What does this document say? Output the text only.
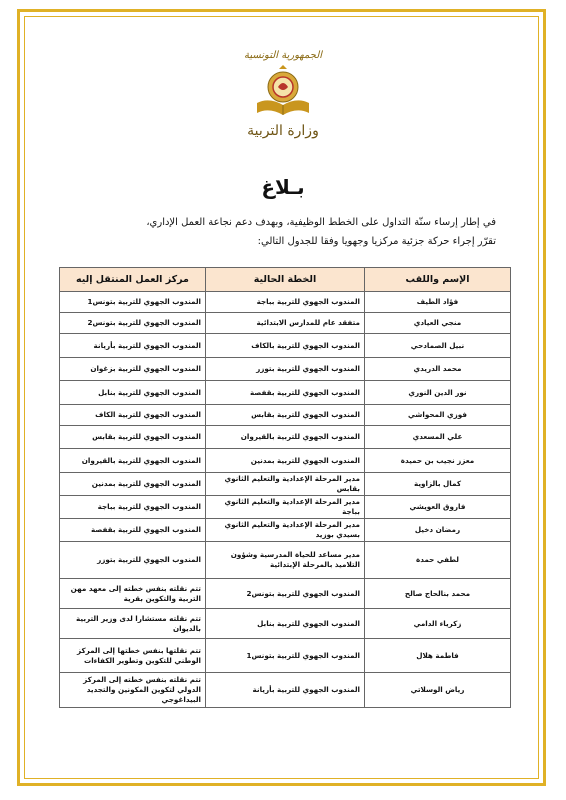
الجمهورية التونسية
وزارة التربية
بـلاغ
في إطار إرساء سنّة التداول على الخطط الوظيفية، وبهدف دعم نجاعة العمل الإداري،
تقرّر إجراء حركة جزئية مركزيا وجهويا وفقا للجدول التالي:
الإسم واللقب	الخطة الحالية	مركز العمل المنتقل إليه
فؤاد الطيف	المندوب الجهوي للتربية بباجة	المندوب الجهوي للتربية بتونس1
منجي العيادي	متفقد عام للمدارس الابتدائية	المندوب الجهوي للتربية بتونس2
نبيل الصمادحي	المندوب الجهوي للتربية بالكاف	المندوب الجهوي للتربية بأريانة
محمد الدريدي	المندوب الجهوي للتربية بتوزر	المندوب الجهوي للتربية بزغوان
نور الدين النوري	المندوب الجهوي للتربية بقفصة	المندوب الجهوي للتربية بنابل
فوزي المحواشي	المندوب الجهوي للتربية بقابس	المندوب الجهوي للتربية الكاف
علي المسعدي	المندوب الجهوي للتربية بالقيروان	المندوب الجهوي للتربية بقابس
معزز نجيب بن حميدة	المندوب الجهوي للتربية بمدنين	المندوب الجهوي للتربية بالقيروان
كمال بالزاوية	مدير المرحلة الإعدادية والتعليم الثانوي بقابس	المندوب الجهوي للتربية بمدنين
فاروق العويشي	مدير المرحلة الإعدادية والتعليم الثانوي بباجة	المندوب الجهوي للتربية بباجة
رمضان دخيل	مدير المرحلة الإعدادية والتعليم الثانوي بسيدي بوزيد	المندوب الجهوي للتربية بقفصة
لطفي حمدة	مدير مساعد للحياة المدرسية وشؤون التلاميذ بالمرحلة الإبتدائية	المندوب الجهوي للتربية بتوزر
محمد بنالحاج صالح	المندوب الجهوي للتربية بتونس2	تتم نقلته بنفس خطته إلى معهد مهن التربية والتكوين بقرية
زكرياء الدامي	المندوب الجهوي للتربية بنابل	تتم نقلته مستشارا لدى وزير التربية بالديوان
فاطمة هلال	المندوب الجهوي للتربية بتونس1	تتم نقلتها بنفس خطتها إلى المركز الوطني للتكوين وتطوير الكفاءات
رياض الوسلاتي	المندوب الجهوي للتربية بأريانة	تتم نقلته بنفس خطته إلى المركز الدولي لتكوين المكونين والتجديد البيداغوجي
